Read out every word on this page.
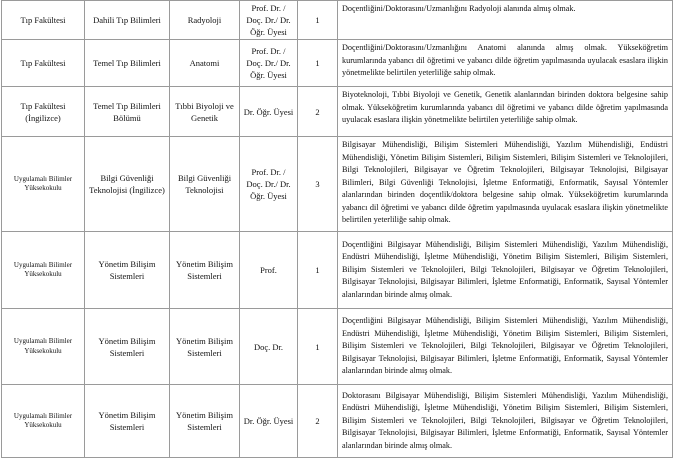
Tıp Fakültesi	Dahili Tıp Bilimleri	Radyoloji	Prof. Dr. / Doç. Dr./ Dr. Öğr. Üyesi	1	Doçentliğini/Doktorasını/Uzmanlığını Radyoloji alanında almış olmak.
Tıp Fakültesi	Temel Tıp Bilimleri	Anatomi	Prof. Dr. / Doç. Dr./ Dr. Öğr. Üyesi	1	Doçentliğini/Doktorasını/Uzmanlığını Anatomi alanında almış olmak. Yükseköğretim kurumlarında yabancı dil öğretimi ve yabancı dilde öğretim yapılmasında uyulacak esaslara ilişkin yönetmelikte belirtilen yeterliliğe sahip olmak.
Tıp Fakültesi (İngilizce)	Temel Tıp Bilimleri Bölümü	Tıbbi Biyoloji ve Genetik	Dr. Öğr. Üyesi	2	Biyoteknoloji, Tıbbi Biyoloji ve Genetik, Genetik alanlarından birinden doktora belgesine sahip olmak. Yükseköğretim kurumlarında yabancı dil öğretimi ve yabancı dilde öğretim yapılmasında uyulacak esaslara ilişkin yönetmelikte belirtilen yeterliliğe sahip olmak.
Uygulamalı Bilimler Yüksekokulu	Bilgi Güvenliği Teknolojisi (İngilizce)	Bilgi Güvenliği Teknolojisi	Prof. Dr. / Doç. Dr./ Dr. Öğr. Üyesi	3	Bilgisayar Mühendisliği, Bilişim Sistemleri Mühendisliği, Yazılım Mühendisliği, Endüstri Mühendisliği, Yönetim Bilişim Sistemleri, Bilişim Sistemleri, Bilişim Sistemleri ve Teknolojileri, Bilgi Teknolojileri, Bilgisayar ve Öğretim Teknolojileri, Bilgisayar Teknolojisi, Bilgisayar Bilimleri, Bilgi Güvenliği Teknolojisi, İşletme Enformatiği, Enformatik, Sayısal Yöntemler alanlarından birinden doçentlik/doktora belgesine sahip olmak. Yükseköğretim kurumlarında yabancı dil öğretimi ve yabancı dilde öğretim yapılmasında uyulacak esaslara ilişkin yönetmelikte belirtilen yeterliliğe sahip olmak.
Uygulamalı Bilimler Yüksekokulu	Yönetim Bilişim Sistemleri	Yönetim Bilişim Sistemleri	Prof.	1	Doçentliğini Bilgisayar Mühendisliği, Bilişim Sistemleri Mühendisliği, Yazılım Mühendisliği, Endüstri Mühendisliği, İşletme Mühendisliği, Yönetim Bilişim Sistemleri, Bilişim Sistemleri, Bilişim Sistemleri ve Teknolojileri, Bilgi Teknolojileri, Bilgisayar ve Öğretim Teknolojileri, Bilgisayar Teknolojisi, Bilgisayar Bilimleri, İşletme Enformatiği, Enformatik, Sayısal Yöntemler alanlarından birinde almış olmak.
Uygulamalı Bilimler Yüksekokulu	Yönetim Bilişim Sistemleri	Yönetim Bilişim Sistemleri	Doç. Dr.	1	Doçentliğini Bilgisayar Mühendisliği, Bilişim Sistemleri Mühendisliği, Yazılım Mühendisliği, Endüstri Mühendisliği, İşletme Mühendisliği, Yönetim Bilişim Sistemleri, Bilişim Sistemleri, Bilişim Sistemleri ve Teknolojileri, Bilgi Teknolojileri, Bilgisayar ve Öğretim Teknolojileri, Bilgisayar Teknolojisi, Bilgisayar Bilimleri, İşletme Enformatiği, Enformatik, Sayısal Yöntemler alanlarından birinde almış olmak.
Uygulamalı Bilimler Yüksekokulu	Yönetim Bilişim Sistemleri	Yönetim Bilişim Sistemleri	Dr. Öğr. Üyesi	2	Doktorasını Bilgisayar Mühendisliği, Bilişim Sistemleri Mühendisliği, Yazılım Mühendisliği, Endüstri Mühendisliği, İşletme Mühendisliği, Yönetim Bilişim Sistemleri, Bilişim Sistemleri, Bilişim Sistemleri ve Teknolojileri, Bilgi Teknolojileri, Bilgisayar ve Öğretim Teknolojileri, Bilgisayar Teknolojisi, Bilgisayar Bilimleri, İşletme Enformatiği, Enformatik, Sayısal Yöntemler alanlarından birinde almış olmak.
